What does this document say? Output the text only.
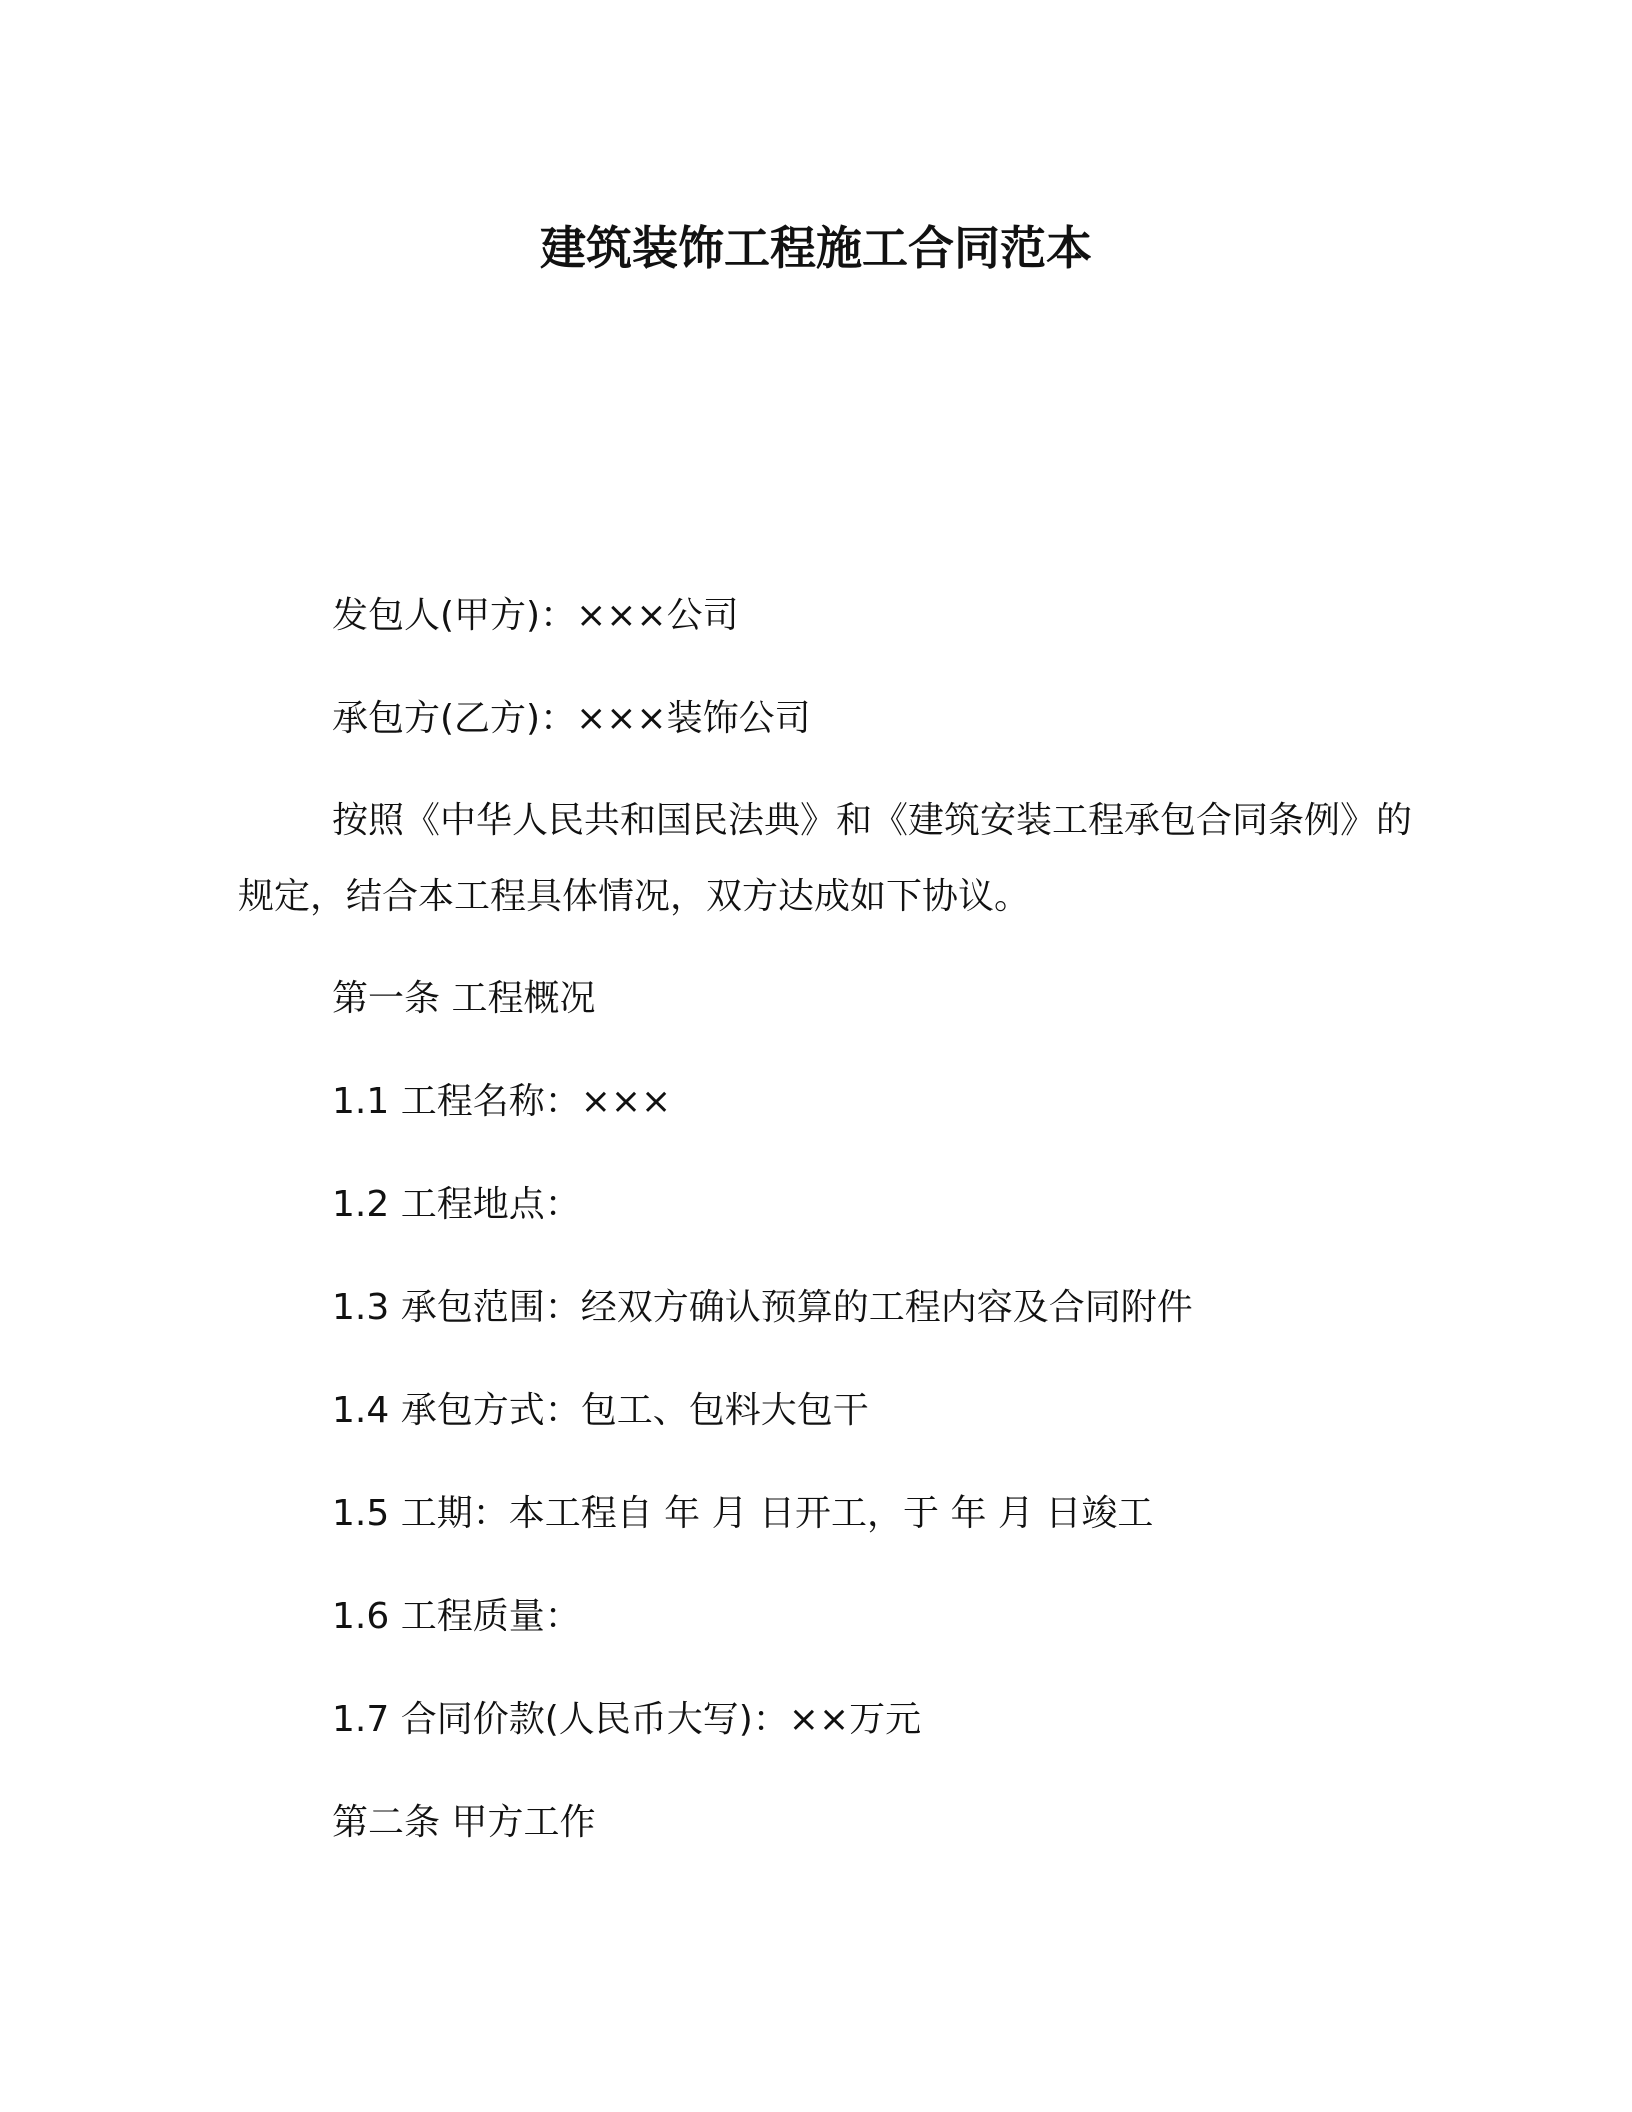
建筑装饰工程施工合同范本

发包人(甲方)：×××公司

承包方(乙方)：×××装饰公司

按照《中华人民共和国民法典》和《建筑安装工程承包合同条例》的规定，结合本工程具体情况，双方达成如下协议。

第一条 工程概况

1.1 工程名称：×××

1.2 工程地点：

1.3 承包范围：经双方确认预算的工程内容及合同附件

1.4 承包方式：包工、包料大包干

1.5 工期：本工程自 年 月 日开工，于 年 月 日竣工

1.6 工程质量：

1.7 合同价款(人民币大写)：××万元

第二条 甲方工作
